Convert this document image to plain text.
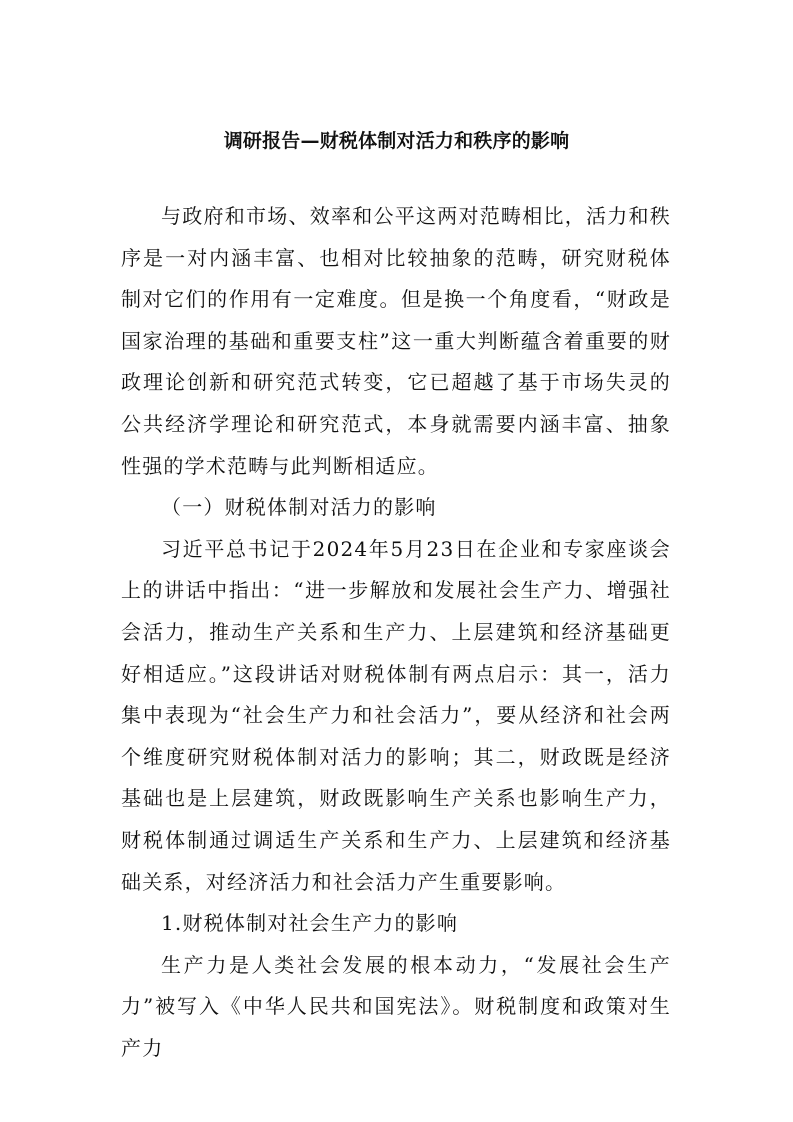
调研报告—财税体制对活力和秩序的影响

与政府和市场、效率和公平这两对范畴相比，活力和秩序是一对内涵丰富、也相对比较抽象的范畴，研究财税体制对它们的作用有一定难度。但是换一个角度看，“财政是国家治理的基础和重要支柱”这一重大判断蕴含着重要的财政理论创新和研究范式转变，它已超越了基于市场失灵的公共经济学理论和研究范式，本身就需要内涵丰富、抽象性强的学术范畴与此判断相适应。

（一）财税体制对活力的影响

习近平总书记于2024年5月23日在企业和专家座谈会上的讲话中指出：“进一步解放和发展社会生产力、增强社会活力，推动生产关系和生产力、上层建筑和经济基础更好相适应。”这段讲话对财税体制有两点启示：其一，活力集中表现为“社会生产力和社会活力”，要从经济和社会两个维度研究财税体制对活力的影响；其二，财政既是经济基础也是上层建筑，财政既影响生产关系也影响生产力，财税体制通过调适生产关系和生产力、上层建筑和经济基础关系，对经济活力和社会活力产生重要影响。

1.财税体制对社会生产力的影响

生产力是人类社会发展的根本动力，“发展社会生产力”被写入《中华人民共和国宪法》。财税制度和政策对生产力
